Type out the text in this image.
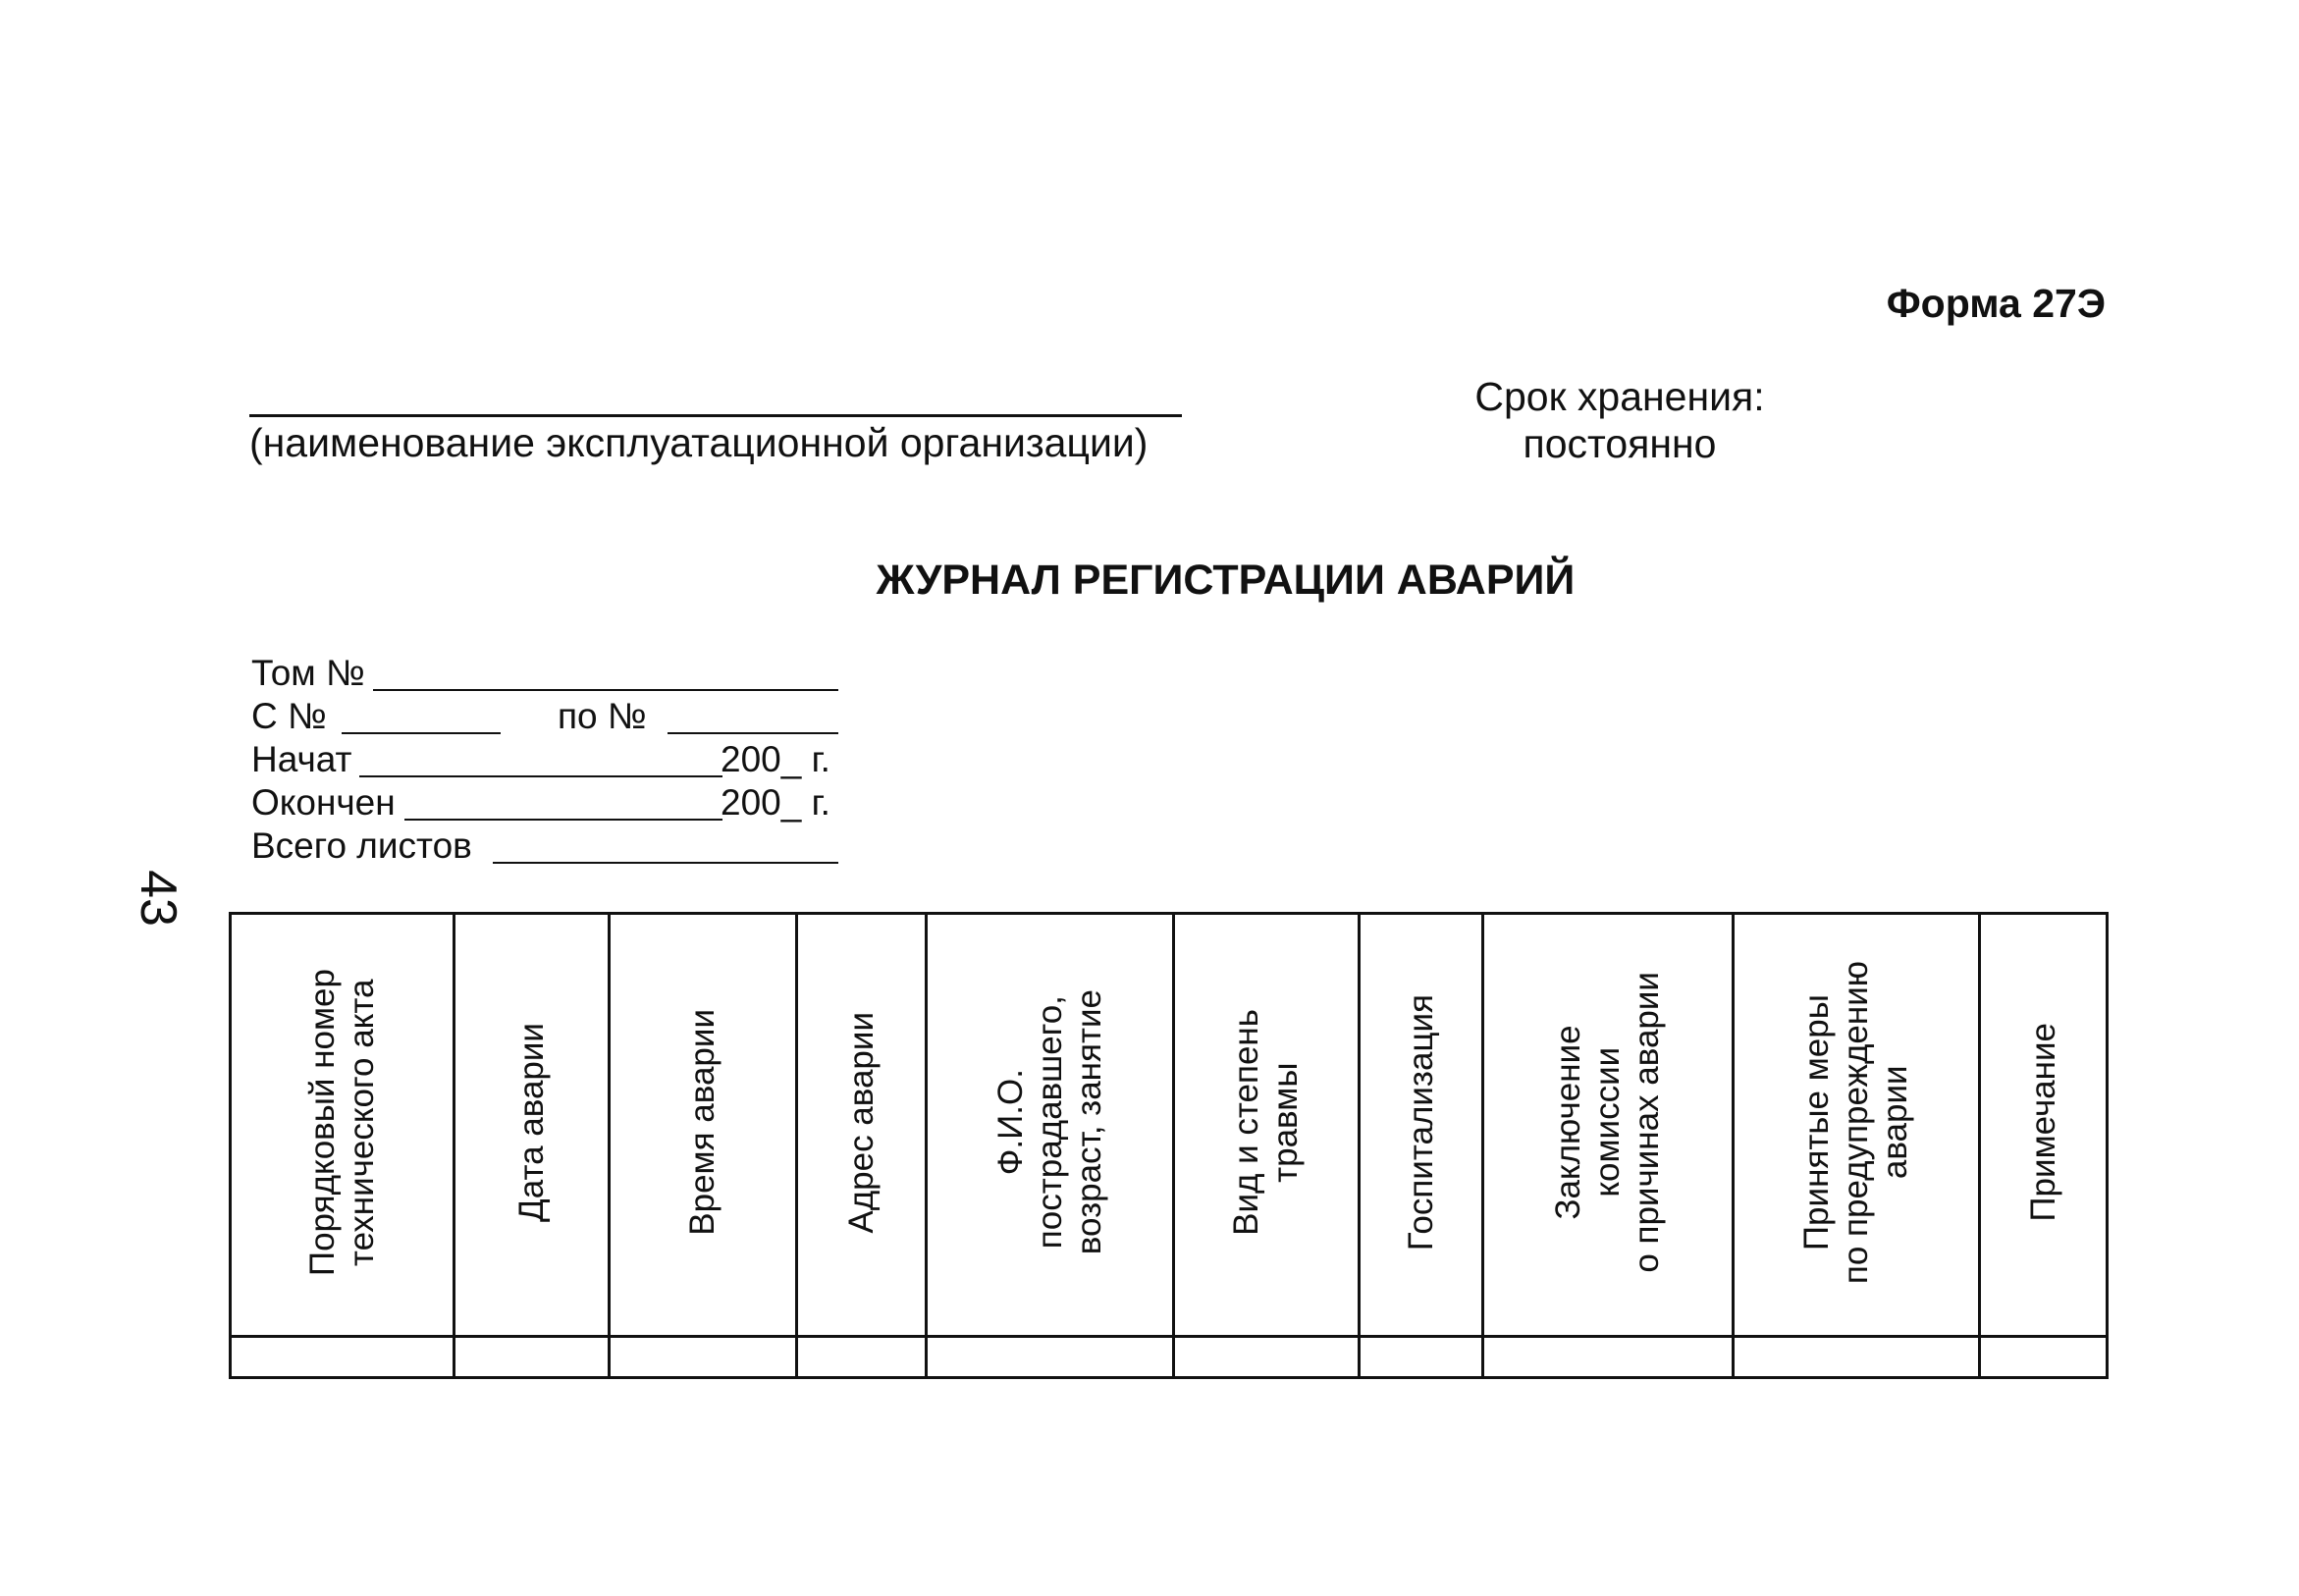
Форма 27Э
(наименование эксплуатационной организации)
Срок хранения:
постоянно
ЖУРНАЛ РЕГИСТРАЦИИ АВАРИЙ
Том №
С №	по №
Начат	200_ г.
Окончен	200_ г.
Всего листов
43
Порядковый номер
технического акта	Дата аварии	Время аварии	Адрес аварии	Ф.И.О.
пострадавшего,
возраст, занятие	Вид и степень
травмы	Госпитализация	Заключение
комиссии
о причинах аварии	Принятые меры
по предупреждению
аварии	Примечание
